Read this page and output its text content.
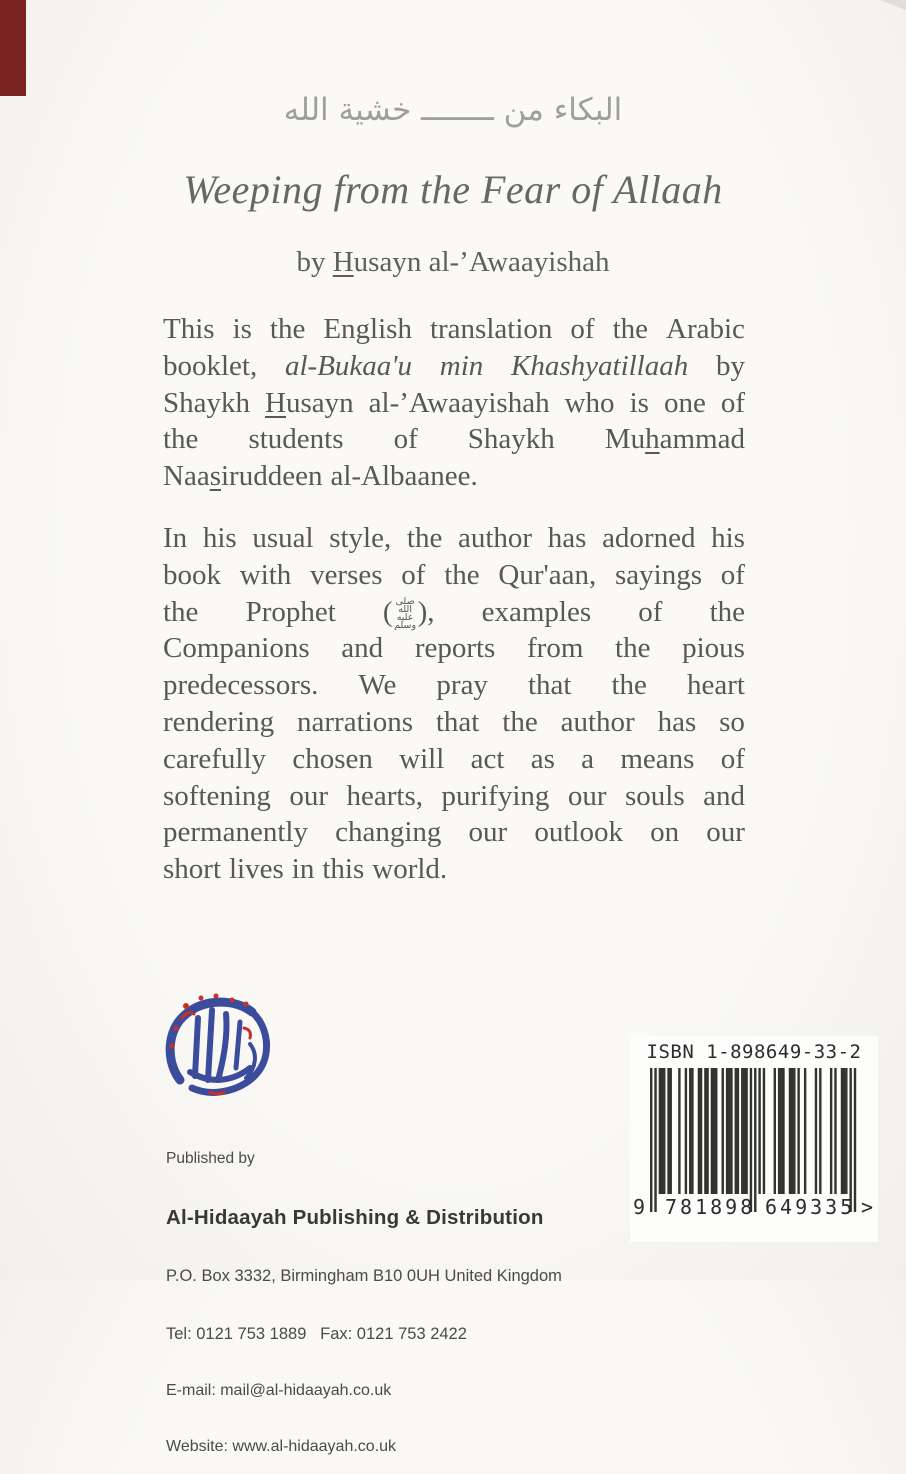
البكاء من ــــــــ خشية الله
Weeping from the Fear of Allaah
by Husayn al-’Awaayishah
This is the English translation of the Arabic
booklet, al-Bukaa'u min Khashyatillaah by
Shaykh Husayn al-’Awaayishah who is one of
the students of Shaykh Muhammad
Naasiruddeen al-Albaanee.
In his usual style, the author has adorned his
book with verses of the Qur'aan, sayings of
the Prophet ( صلى الله عليه وسلم), examples of the
Companions and reports from the pious
predecessors. We pray that the heart
rendering narrations that the author has so
carefully chosen will act as a means of
softening our hearts, purifying our souls and
permanently changing our outlook on our
short lives in this world.

Published by

Al-Hidaayah Publishing & Distribution

P.O. Box 3332, Birmingham B10 0UH United Kingdom

Tel: 0121 753 1889   Fax: 0121 753 2422

E-mail: mail@al-hidaayah.co.uk

Website: www.al-hidaayah.co.uk

ISBN 1-898649-33-2
9 781898 649335 >
